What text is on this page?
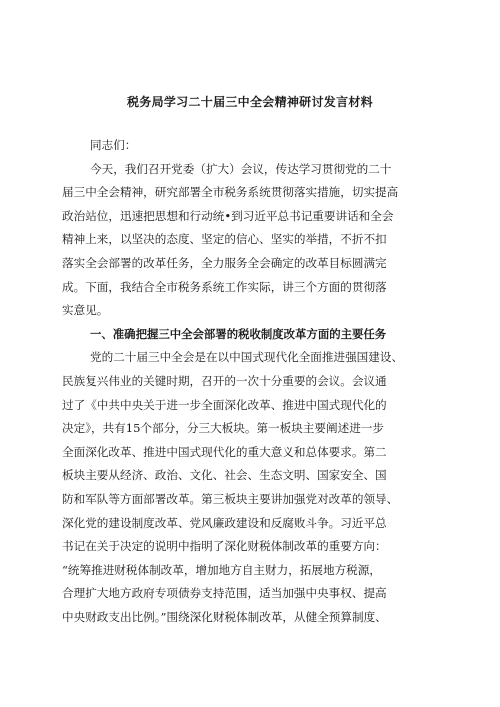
税务局学习二十届三中全会精神研讨发言材料
同志们：
今天，我们召开党委（扩大）会议，传达学习贯彻党的二十
届三中全会精神，研究部署全市税务系统贯彻落实措施，切实提高
政治站位，迅速把思想和行动统•到习近平总书记重要讲话和全会
精神上来，以坚决的态度、坚定的信心、坚实的举措，不折不扣
落实全会部署的改革任务，全力服务全会确定的改革目标圆满完
成。下面，我结合全市税务系统工作实际，讲三个方面的贯彻落
实意见。
一、准确把握三中全会部署的税收制度改革方面的主要任务
党的二十届三中全会是在以中国式现代化全面推进强国建设、
民族复兴伟业的关键时期，召开的一次十分重要的会议。会议通
过了《中共中央关于进一步全面深化改革、推进中国式现代化的
决定》，共有15个部分，分三大板块。第一板块主要阐述进一步
全面深化改革、推进中国式现代化的重大意义和总体要求。第二
板块主要从经济、政治、文化、社会、生态文明、国家安全、国
防和军队等方面部署改革。第三板块主要讲加强党对改革的领导、
深化党的建设制度改革、党风廉政建设和反腐败斗争。习近平总
书记在关于决定的说明中指明了深化财税体制改革的重要方向：
“统筹推进财税体制改革，增加地方自主财力，拓展地方税源，
合理扩大地方政府专项债券支持范围，适当加强中央事权、提高
中央财政支出比例。”围绕深化财税体制改革，从健全预算制度、
